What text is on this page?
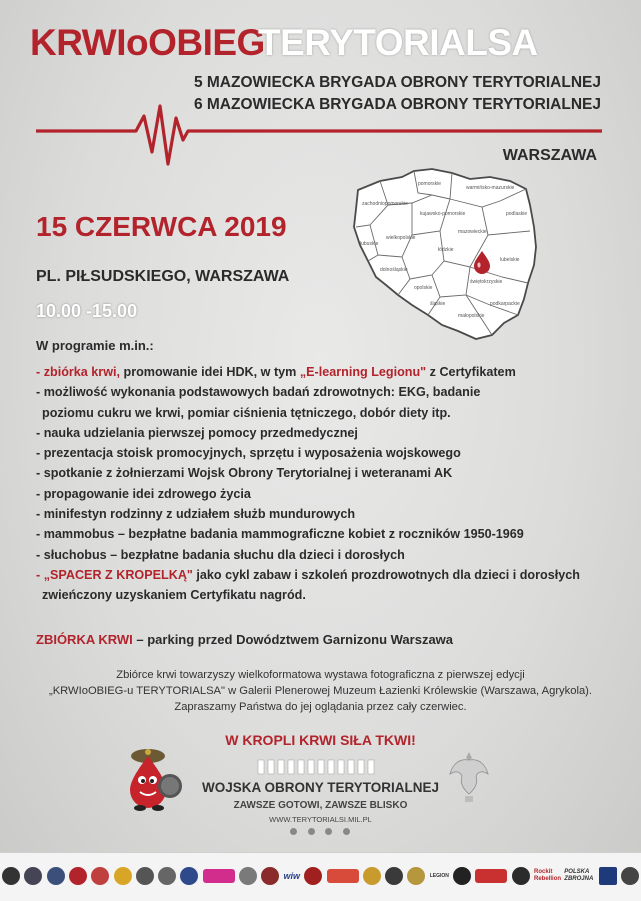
KRWIoOBIEG
TERYTORIALSA
5 MAZOWIECKA BRYGADA OBRONY TERYTORIALNEJ
6 MAZOWIECKA BRYGADA OBRONY TERYTORIALNEJ
WARSZAWA
zachodniopomorskie
pomorskie
warmińsko-mazurskie
podlaskie
kujawsko-pomorskie
lubuskie
wielkopolskie
mazowieckie
łódzkie
lubelskie
dolnośląskie
opolskie
śląskie
świętokrzyskie
małopolskie
podkarpackie
15 CZERWCA 2019
PL. PIŁSUDSKIEGO, WARSZAWA
10.00 -15.00
W programie m.in.:
- zbiórka krwi, promowanie idei HDK, w tym „E-learning Legionu" z Certyfikatem
- możliwość wykonania podstawowych badań zdrowotnych: EKG, badanie
poziomu cukru we krwi, pomiar ciśnienia tętniczego, dobór diety itp.
- nauka udzielania pierwszej pomocy przedmedycznej
- prezentacja stoisk promocyjnych, sprzętu i wyposażenia wojskowego
- spotkanie z żołnierzami Wojsk Obrony Terytorialnej i weteranami AK
- propagowanie idei zdrowego życia
- minifestyn rodzinny z udziałem służb mundurowych
- mammobus – bezpłatne badania mammograficzne kobiet z roczników 1950-1969
- słuchobus – bezpłatne badania słuchu dla dzieci i dorosłych
- „SPACER Z KROPELKĄ" jako cykl zabaw i szkoleń prozdrowotnych dla dzieci i dorosłych
zwieńczony uzyskaniem Certyfikatu nagród.
ZBIÓRKA KRWI – parking przed Dowództwem Garnizonu Warszawa
Zbiórce krwi towarzyszy wielkoformatowa wystawa fotograficzna z pierwszej edycji
„KRWIoOBIEG-u TERYTORIALSA" w Galerii Plenerowej Muzeum Łazienki Królewskie (Warszawa, Agrykola).
Zapraszamy Państwa do jej oglądania przez cały czerwiec.
W KROPLI KRWI SIŁA TKWI!
WOJSKA OBRONY TERYTORIALNEJ
ZAWSZE GOTOWI, ZAWSZE BLISKO
WWW.TERYTORIALSI.MIL.PL
wiw	LEGION
Rockit Rebellion
POLSKA ZBROJNA
